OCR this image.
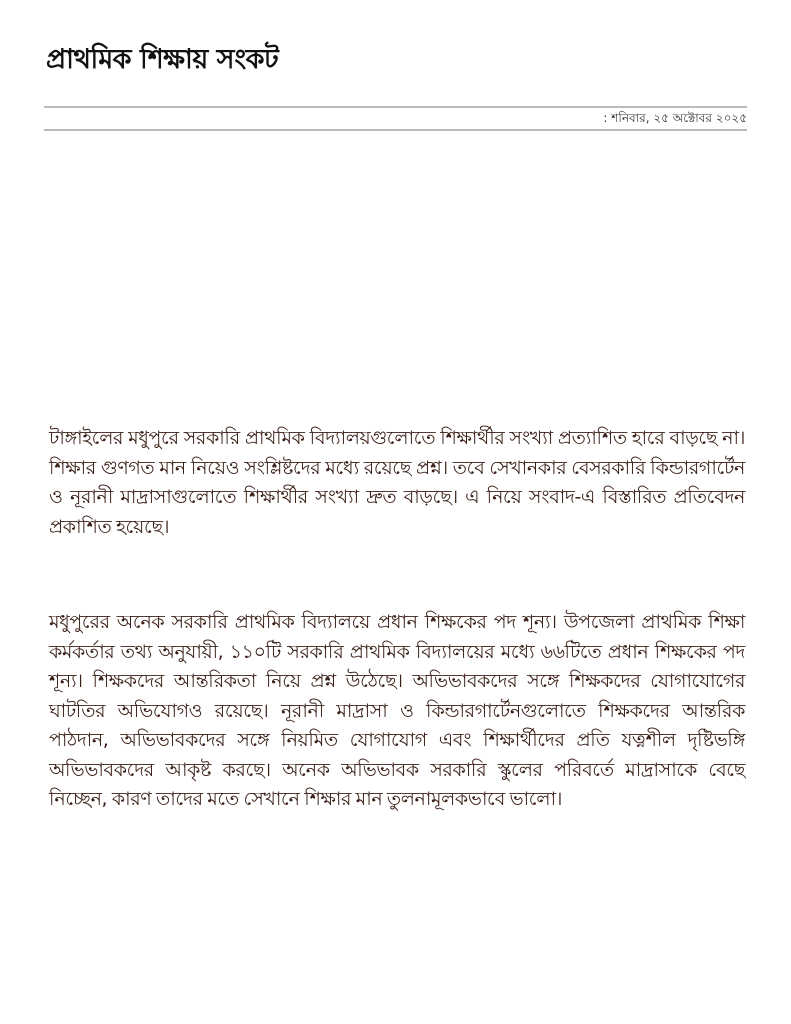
প্রাথমিক শিক্ষায় সংকট
: শনিবার, ২৫ অক্টোবর ২০২৫

টাঙ্গাইলের মধুপুরে সরকারি প্রাথমিক বিদ্যালয়গুলোতে শিক্ষার্থীর সংখ্যা প্রত্যাশিত হারে বাড়ছে না। শিক্ষার গুণগত মান নিয়েও সংশ্লিষ্টদের মধ্যে রয়েছে প্রশ্ন। তবে সেখানকার বেসরকারি কিন্ডারগার্টেন ও নূরানী মাদ্রাসাগুলোতে শিক্ষার্থীর সংখ্যা দ্রুত বাড়ছে। এ নিয়ে সংবাদ-এ বিস্তারিত প্রতিবেদন প্রকাশিত হয়েছে।

মধুপুরের অনেক সরকারি প্রাথমিক বিদ্যালয়ে প্রধান শিক্ষকের পদ শূন্য। উপজেলা প্রাথমিক শিক্ষা কর্মকর্তার তথ্য অনুযায়ী, ১১০টি সরকারি প্রাথমিক বিদ্যালয়ের মধ্যে ৬৬টিতে প্রধান শিক্ষকের পদ শূন্য। শিক্ষকদের আন্তরিকতা নিয়ে প্রশ্ন উঠেছে। অভিভাবকদের সঙ্গে শিক্ষকদের যোগাযোগের ঘাটতির অভিযোগও রয়েছে। নূরানী মাদ্রাসা ও কিন্ডারগার্টেনগুলোতে শিক্ষকদের আন্তরিক পাঠদান, অভিভাবকদের সঙ্গে নিয়মিত যোগাযোগ এবং শিক্ষার্থীদের প্রতি যত্নশীল দৃষ্টিভঙ্গি অভিভাবকদের আকৃষ্ট করছে। অনেক অভিভাবক সরকারি স্কুলের পরিবর্তে মাদ্রাসাকে বেছে নিচ্ছেন, কারণ তাদের মতে সেখানে শিক্ষার মান তুলনামূলকভাবে ভালো।
